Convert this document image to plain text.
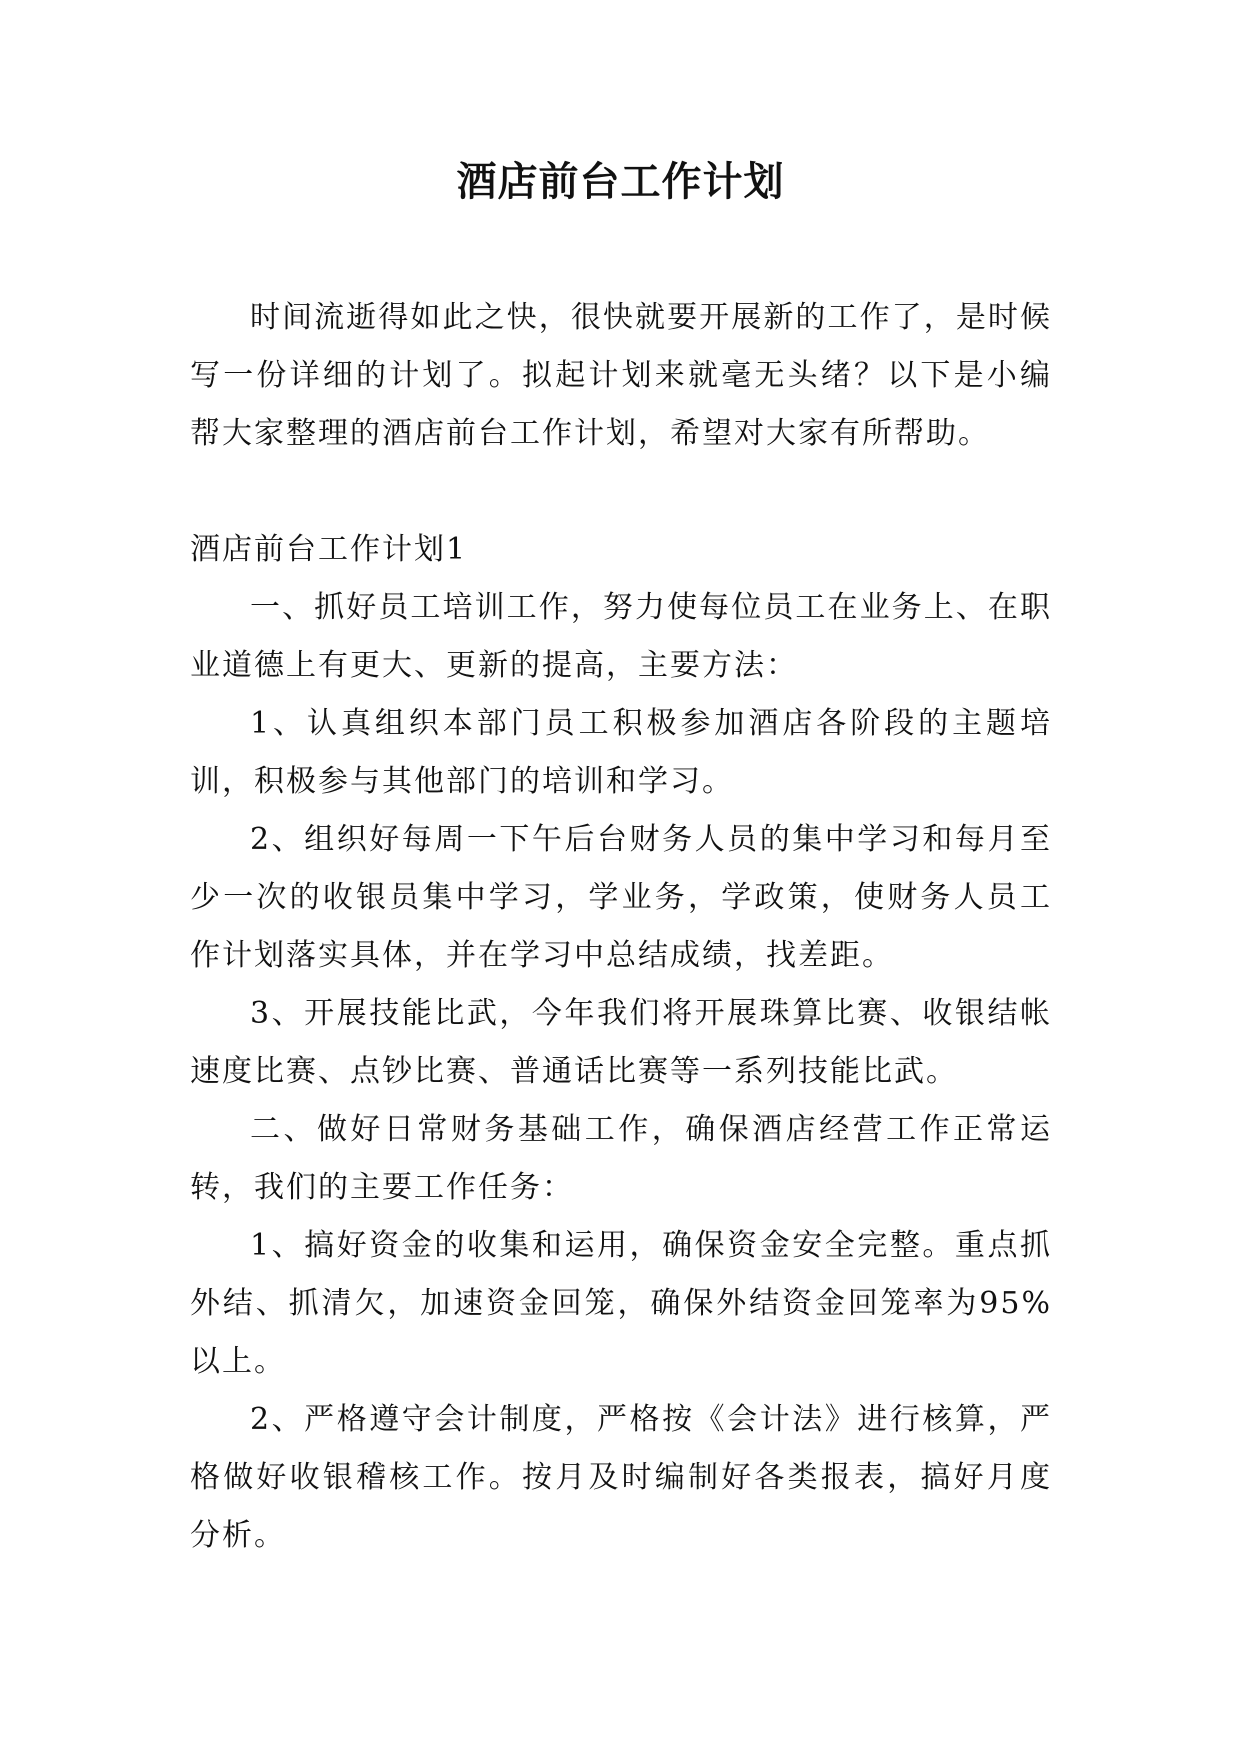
酒店前台工作计划

时间流逝得如此之快，很快就要开展新的工作了，是时候写一份详细的计划了。拟起计划来就毫无头绪？以下是小编帮大家整理的酒店前台工作计划，希望对大家有所帮助。

酒店前台工作计划1

一、抓好员工培训工作，努力使每位员工在业务上、在职业道德上有更大、更新的提高，主要方法：

1、认真组织本部门员工积极参加酒店各阶段的主题培训，积极参与其他部门的培训和学习。

2、组织好每周一下午后台财务人员的集中学习和每月至少一次的收银员集中学习，学业务，学政策，使财务人员工作计划落实具体，并在学习中总结成绩，找差距。

3、开展技能比武，今年我们将开展珠算比赛、收银结帐速度比赛、点钞比赛、普通话比赛等一系列技能比武。

二、做好日常财务基础工作，确保酒店经营工作正常运转，我们的主要工作任务：

1、搞好资金的收集和运用，确保资金安全完整。重点抓外结、抓清欠，加速资金回笼，确保外结资金回笼率为95%以上。

2、严格遵守会计制度，严格按《会计法》进行核算，严格做好收银稽核工作。按月及时编制好各类报表，搞好月度分析。
